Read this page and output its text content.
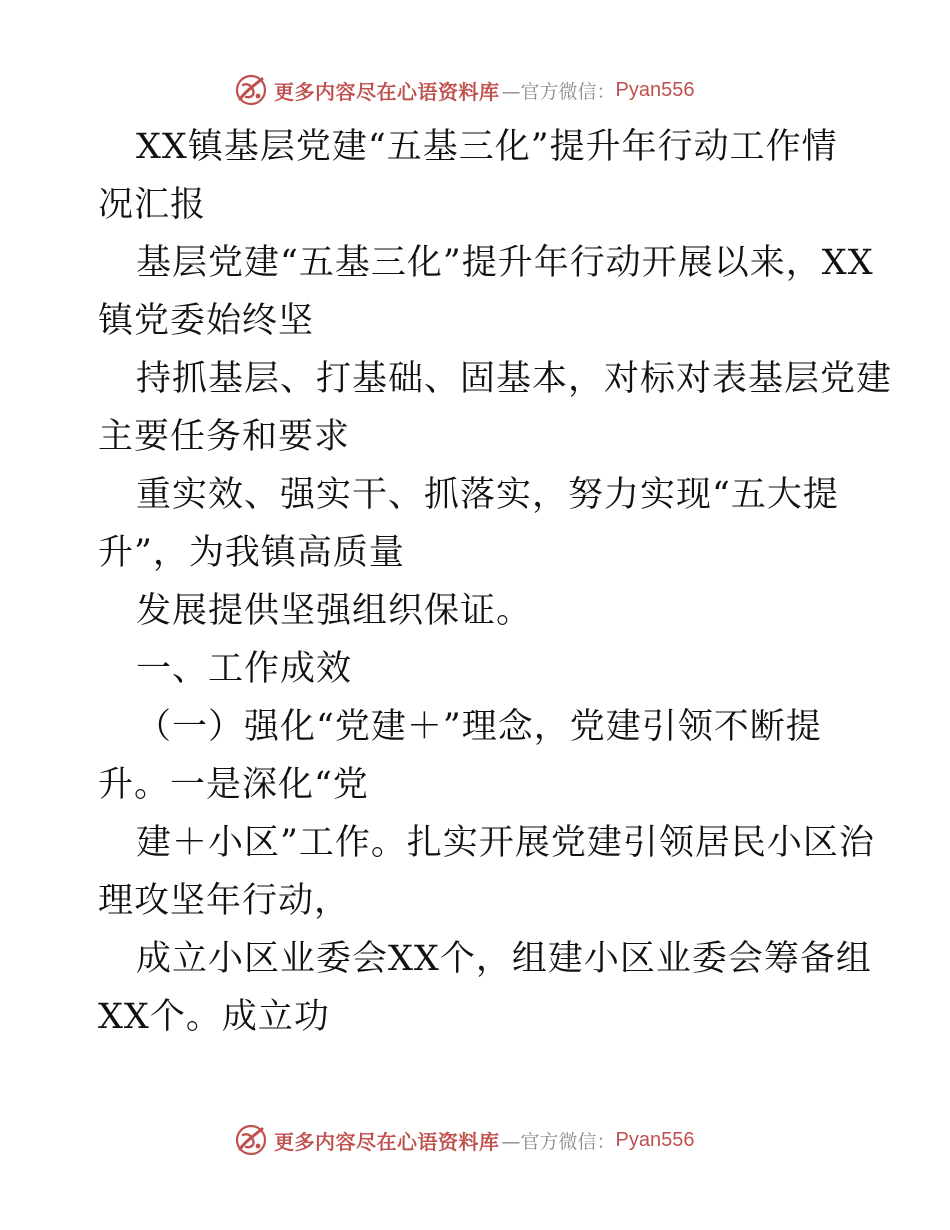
更多内容尽在心语资料库 —官方微信： Pyan556
XX镇基层党建“五基三化”提升年行动工作情
况汇报
基层党建“五基三化”提升年行动开展以来，XX
镇党委始终坚
持抓基层、打基础、固基本，对标对表基层党建
主要任务和要求
重实效、强实干、抓落实，努力实现“五大提
升”，为我镇高质量
发展提供坚强组织保证。
一、工作成效
（一）强化“党建＋”理念，党建引领不断提
升。一是深化“党
建＋小区”工作。扎实开展党建引领居民小区治
理攻坚年行动，
成立小区业委会XX个，组建小区业委会筹备组
XX个。成立功
更多内容尽在心语资料库 —官方微信： Pyan556
